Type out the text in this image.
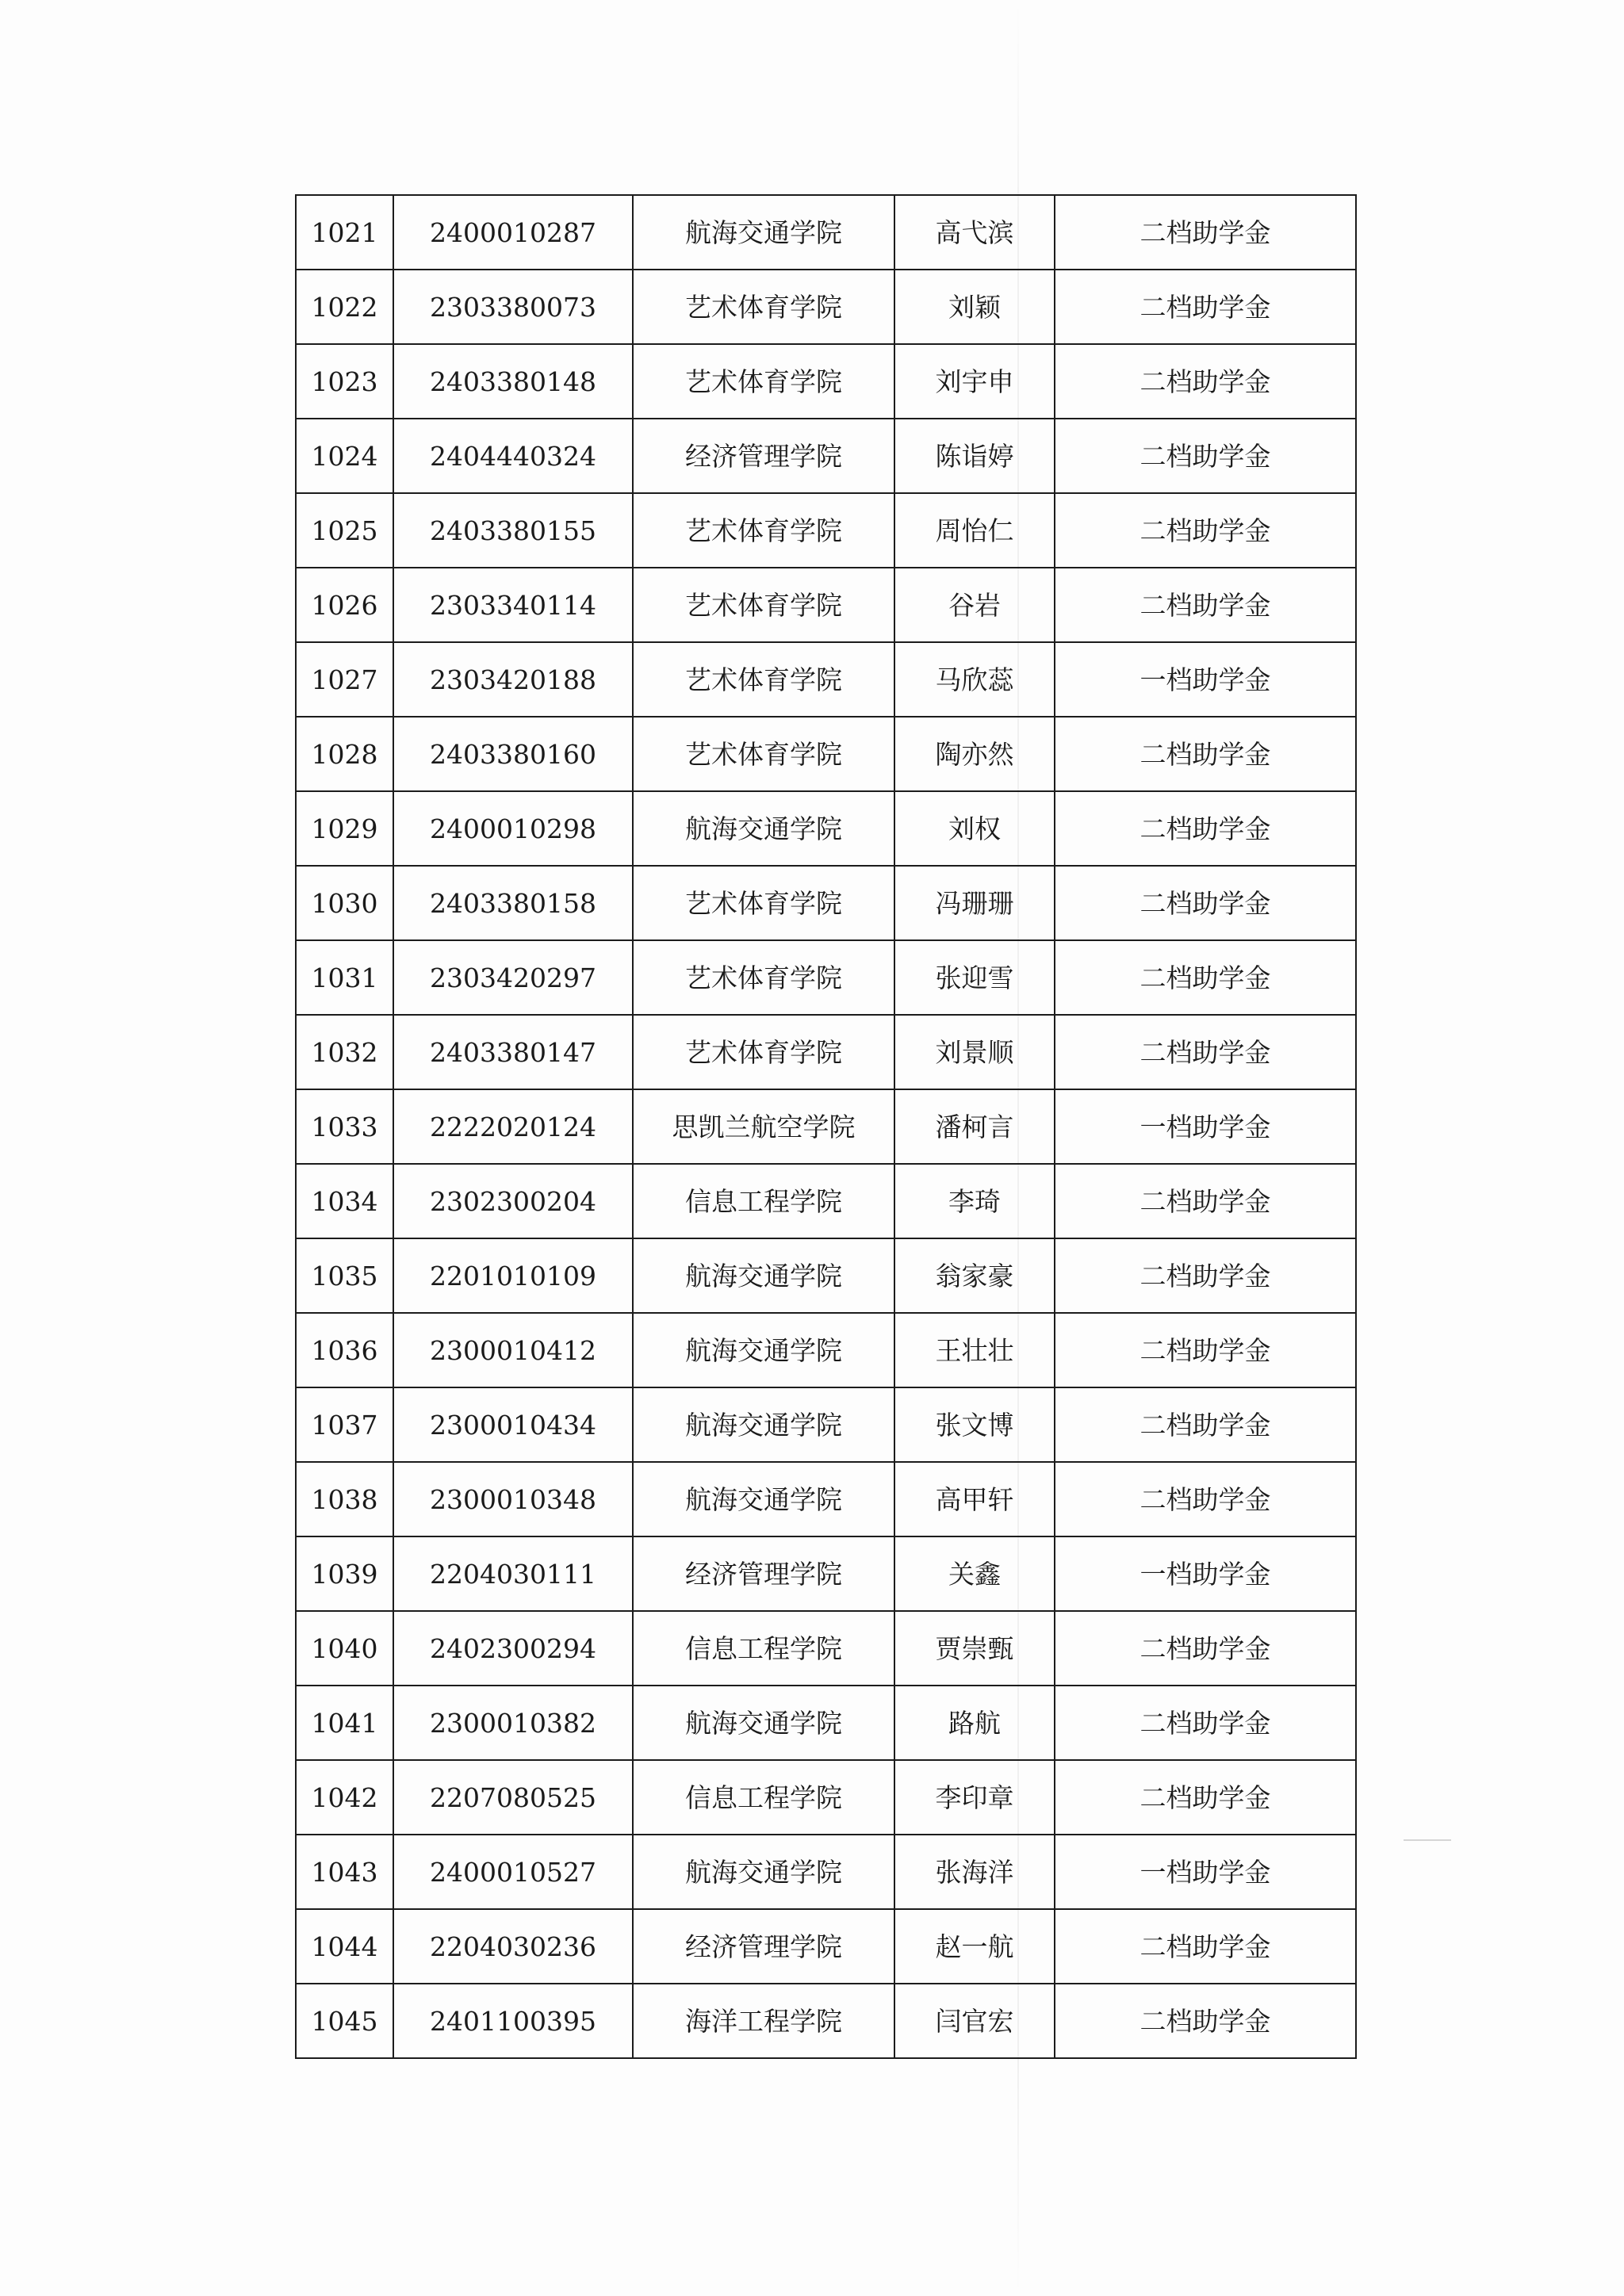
1021	2400010287	航海交通学院	高弋滨	二档助学金
1022	2303380073	艺术体育学院	刘颖	二档助学金
1023	2403380148	艺术体育学院	刘宇申	二档助学金
1024	2404440324	经济管理学院	陈诣婷	二档助学金
1025	2403380155	艺术体育学院	周怡仁	二档助学金
1026	2303340114	艺术体育学院	谷岩	二档助学金
1027	2303420188	艺术体育学院	马欣蕊	一档助学金
1028	2403380160	艺术体育学院	陶亦然	二档助学金
1029	2400010298	航海交通学院	刘权	二档助学金
1030	2403380158	艺术体育学院	冯珊珊	二档助学金
1031	2303420297	艺术体育学院	张迎雪	二档助学金
1032	2403380147	艺术体育学院	刘景顺	二档助学金
1033	2222020124	思凯兰航空学院	潘柯言	一档助学金
1034	2302300204	信息工程学院	李琦	二档助学金
1035	2201010109	航海交通学院	翁家豪	二档助学金
1036	2300010412	航海交通学院	王壮壮	二档助学金
1037	2300010434	航海交通学院	张文博	二档助学金
1038	2300010348	航海交通学院	高甲轩	二档助学金
1039	2204030111	经济管理学院	关鑫	一档助学金
1040	2402300294	信息工程学院	贾崇甄	二档助学金
1041	2300010382	航海交通学院	路航	二档助学金
1042	2207080525	信息工程学院	李印章	二档助学金
1043	2400010527	航海交通学院	张海洋	一档助学金
1044	2204030236	经济管理学院	赵一航	二档助学金
1045	2401100395	海洋工程学院	闫官宏	二档助学金
